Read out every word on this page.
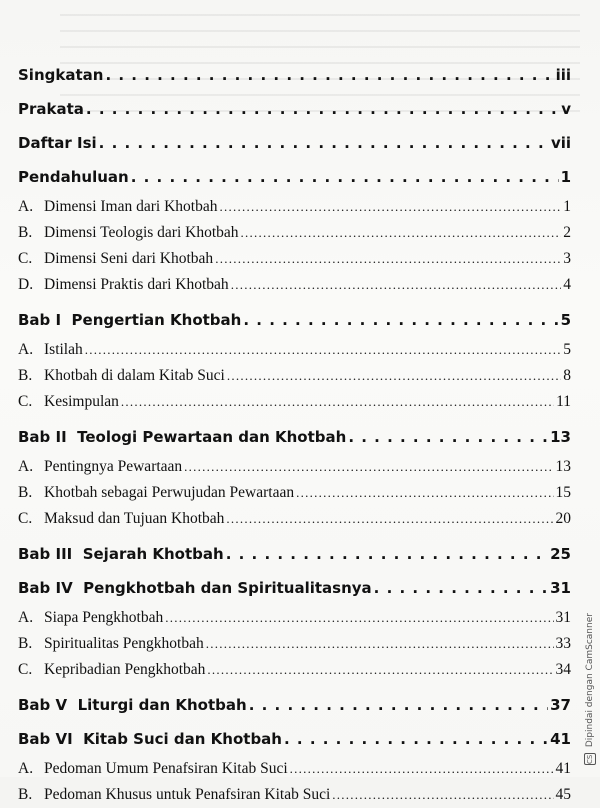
Singkatan . . .	iii
Prakata . . .	v
Daftar Isi . . .	vii
Pendahuluan . . .	1
A. Dimensi Iman dari Khotbah . . .	1
B. Dimensi Teologis dari Khotbah . . .	2
C. Dimensi Seni dari Khotbah . . .	3
D. Dimensi Praktis dari Khotbah . . .	4
Bab I  Pengertian Khotbah . . .	5
A. Istilah . . .	5
B. Khotbah di dalam Kitab Suci . . .	8
C. Kesimpulan . . .	11
Bab II  Teologi Pewartaan dan Khotbah . . .	13
A. Pentingnya Pewartaan . . .	13
B. Khotbah sebagai Perwujudan Pewartaan . . .	15
C. Maksud dan Tujuan Khotbah . . .	20
Bab III  Sejarah Khotbah . . .	25
Bab IV  Pengkhotbah dan Spiritualitasnya . . .	31
A. Siapa Pengkhotbah . . .	31
B. Spiritualitas Pengkhotbah . . .	33
C. Kepribadian Pengkhotbah . . .	34
Bab V  Liturgi dan Khotbah . . .	37
Bab VI  Kitab Suci dan Khotbah . . .	41
A. Pedoman Umum Penafsiran Kitab Suci . . .	41
B. Pedoman Khusus untuk Penafsiran Kitab Suci . . .	45
CS Dipindai dengan CamScanner
